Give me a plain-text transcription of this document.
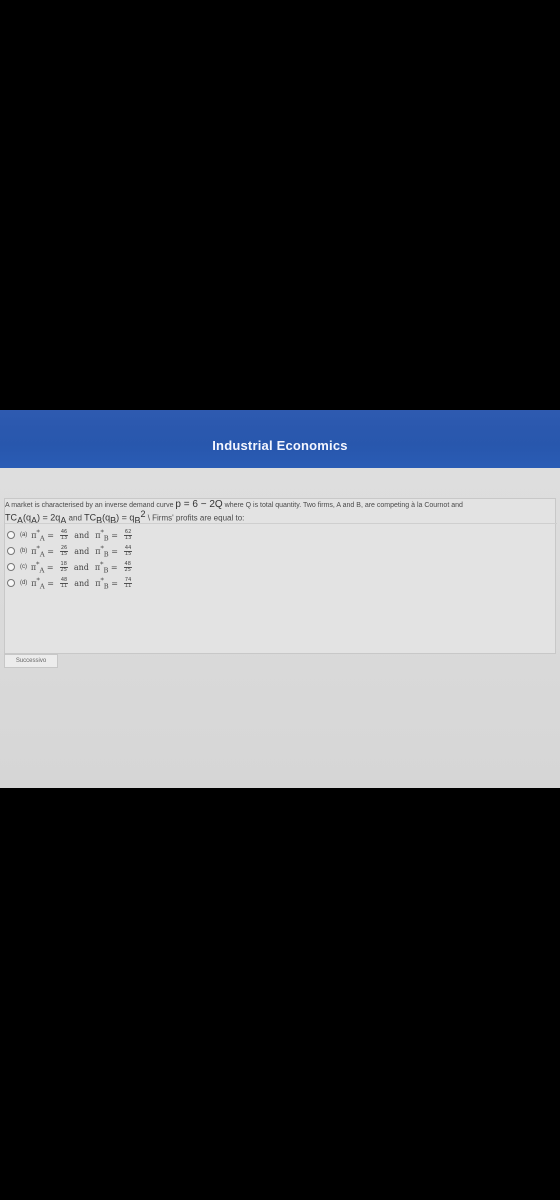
Industrial Economics
A market is characterised by an inverse demand curve p = 6 − 2Q where Q is total quantity. Two firms, A and B, are competing à la Cournot and
$TC_A(q_A) = 2q_A$ and $TC_B(q_B) = q_B^2$ \ Firms' profits are equal to:
(a) $\pi^*_A = \frac{46}{13}$ and $\pi^*_B = \frac{62}{13}$
(b) $\pi^*_A = \frac{26}{15}$ and $\pi^*_B = \frac{44}{15}$
(c) $\pi^*_A = \frac{18}{25}$ and $\pi^*_B = \frac{48}{25}$
(d) $\pi^*_A = \frac{48}{11}$ and $\pi^*_B = \frac{74}{11}$
Successivo
